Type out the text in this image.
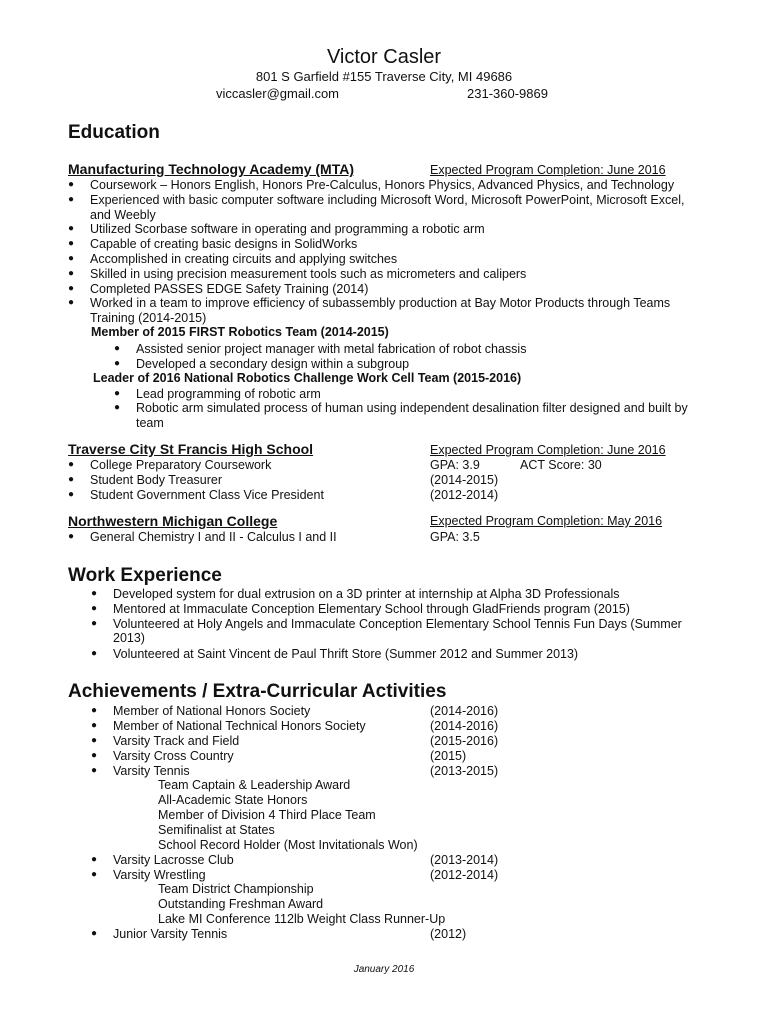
Victor Casler
801 S Garfield #155 Traverse City, MI 49686
viccasler@gmail.com	231-360-9869
Education
Manufacturing Technology Academy (MTA)	Expected Program Completion: June 2016
● Coursework – Honors English, Honors Pre-Calculus, Honors Physics, Advanced Physics, and Technology
● Experienced with basic computer software including Microsoft Word, Microsoft PowerPoint, Microsoft Excel,
and Weebly
● Utilized Scorbase software in operating and programming a robotic arm
● Capable of creating basic designs in SolidWorks
● Accomplished in creating circuits and applying switches
● Skilled in using precision measurement tools such as micrometers and calipers
● Completed PASSES EDGE Safety Training (2014)
● Worked in a team to improve efficiency of subassembly production at Bay Motor Products through Teams
Training (2014-2015)
Member of 2015 FIRST Robotics Team (2014-2015)
● Assisted senior project manager with metal fabrication of robot chassis
● Developed a secondary design within a subgroup
Leader of 2016 National Robotics Challenge Work Cell Team (2015-2016)
● Lead programming of robotic arm
● Robotic arm simulated process of human using independent desalination filter designed and built by
team
Traverse City St Francis High School	Expected Program Completion: June 2016
● College Preparatory Coursework	GPA: 3.9	ACT Score: 30
● Student Body Treasurer	(2014-2015)
● Student Government Class Vice President	(2012-2014)
Northwestern Michigan College	Expected Program Completion: May 2016
● General Chemistry I and II - Calculus I and II	GPA: 3.5
Work Experience
● Developed system for dual extrusion on a 3D printer at internship at Alpha 3D Professionals
● Mentored at Immaculate Conception Elementary School through GladFriends program (2015)
● Volunteered at Holy Angels and Immaculate Conception Elementary School Tennis Fun Days (Summer
2013)
● Volunteered at Saint Vincent de Paul Thrift Store (Summer 2012 and Summer 2013)
Achievements / Extra-Curricular Activities
● Member of National Honors Society	(2014-2016)
● Member of National Technical Honors Society	(2014-2016)
● Varsity Track and Field	(2015-2016)
● Varsity Cross Country	(2015)
● Varsity Tennis	(2013-2015)
Team Captain & Leadership Award
All-Academic State Honors
Member of Division 4 Third Place Team
Semifinalist at States
School Record Holder (Most Invitationals Won)
● Varsity Lacrosse Club	(2013-2014)
● Varsity Wrestling	(2012-2014)
Team District Championship
Outstanding Freshman Award
Lake MI Conference 112lb Weight Class Runner-Up
● Junior Varsity Tennis	(2012)
January 2016
